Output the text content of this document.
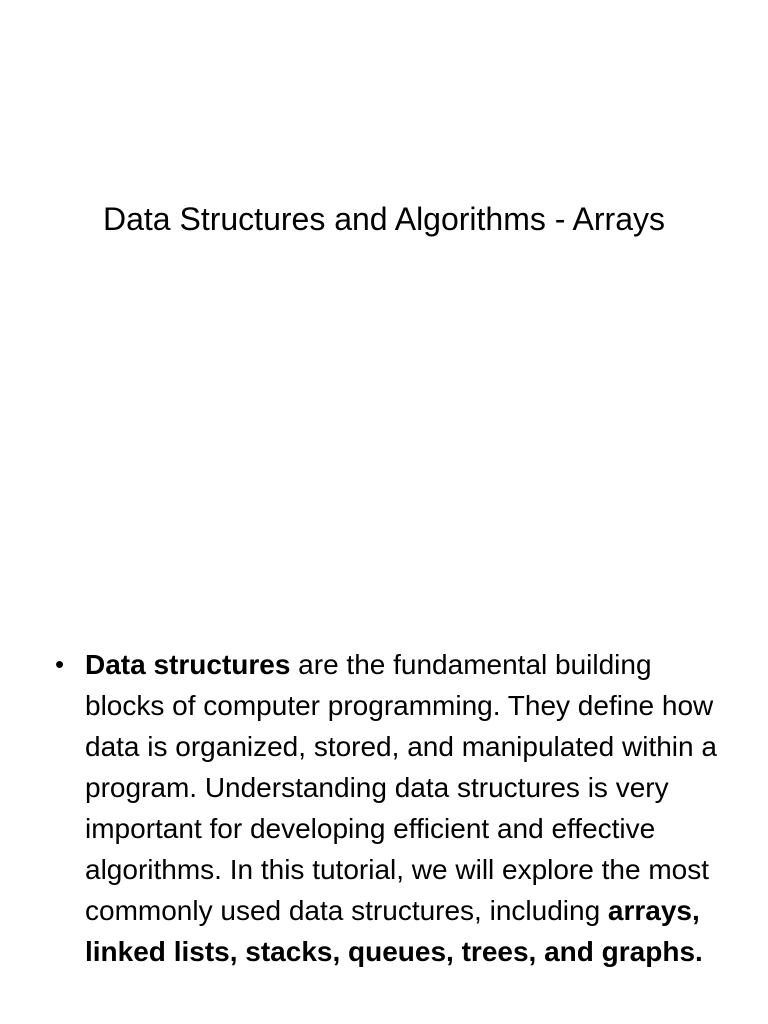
Data Structures and Algorithms - Arrays
• Data structures are the fundamental building blocks of computer programming. They define how data is organized, stored, and manipulated within a program. Understanding data structures is very important for developing efficient and effective algorithms. In this tutorial, we will explore the most commonly used data structures, including arrays, linked lists, stacks, queues, trees, and graphs.
